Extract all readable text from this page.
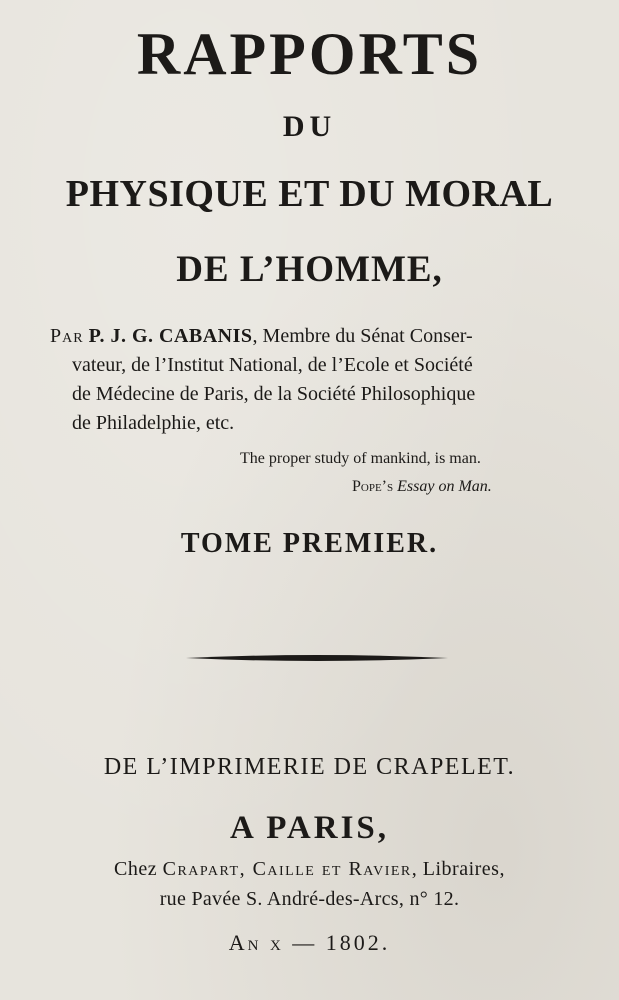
RAPPORTS
DU
PHYSIQUE ET DU MORAL
DE L’HOMME,
Par P. J. G. CABANIS, Membre du Sénat Conser-
vateur, de l’Institut National, de l’Ecole et Société
de Médecine de Paris, de la Société Philosophique
de Philadelphie, etc.
The proper study of mankind, is man.
Pope’s Essay on Man.
TOME PREMIER.
DE L’IMPRIMERIE DE CRAPELET.
A PARIS,
Chez Crapart, Caille et Ravier, Libraires,
rue Pavée S. André-des-Arcs, n° 12.
An x — 1802.
